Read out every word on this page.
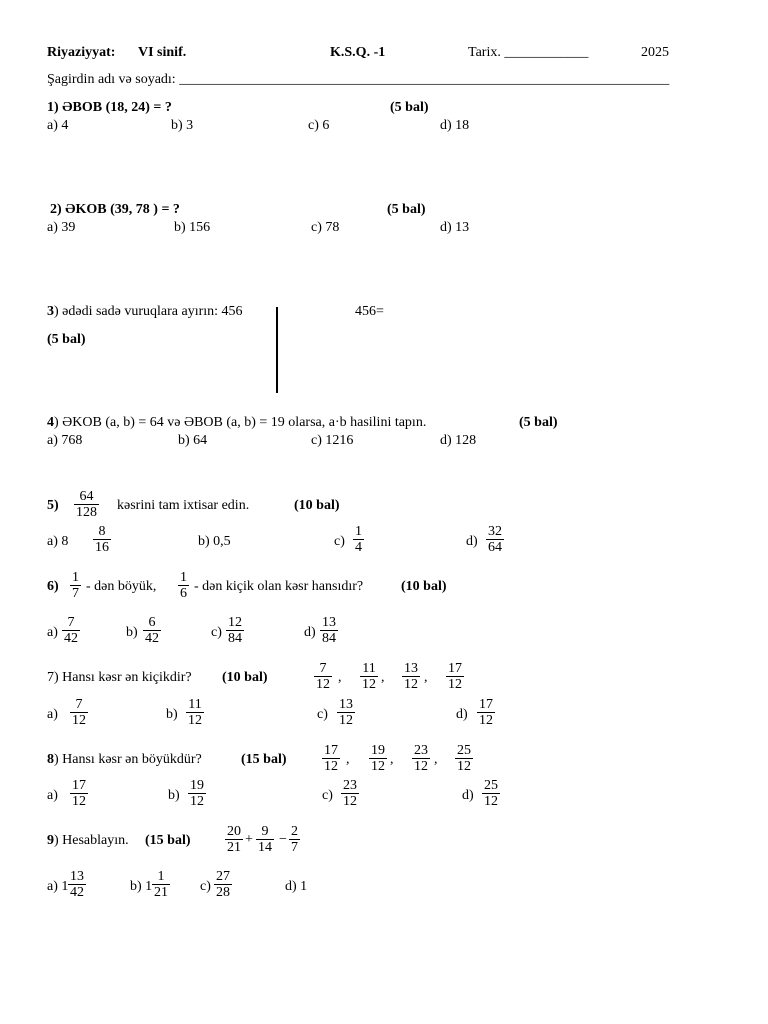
Riyaziyyat: VI sinif.	K.S.Q. -1	Tarix. ____________	2025
Şagirdin adı və soyadı: ______________________________________________________________________
1) ƏBOB (18, 24) = ?	(5 bal)
a) 4	b) 3	c) 6	d) 18
2) ƏKOB (39, 78 ) = ?	(5 bal)
a) 39	b) 156	c) 78	d) 13
3) ədədi sadə vuruqlara ayırın: 456	456=
(5 bal)
4) ƏKOB (a, b) = 64 və ƏBOB (a, b) = 19 olarsa, a·b hasilini tapın.	(5 bal)
a) 768	b) 64	c) 1216	d) 128
$5) \frac{64}{128}$ kəsrini tam ixtisar edin.	(10 bal)
a) $8 \frac{8}{16}$	b) 0,5	$c) \frac{1}{4}$	$d) \frac{32}{64}$
$6) \frac{1}{7}$ - dən böyük, $\frac{1}{6}$ - dən kiçik olan kəsr hansıdır?	(10 bal)
$a) \frac{7}{42}$	$b) \frac{6}{42}$	$c) \frac{12}{84}$	$d) \frac{13}{84}$
7) Hansı kəsr ən kiçikdir? (10 bal)	$\frac{7}{12}$ , $\frac{11}{12}$ , $\frac{13}{12}$ , $\frac{17}{12}$
$a) \frac{7}{12}$	$b) \frac{11}{12}$	$c) \frac{13}{12}$	$d) \frac{17}{12}$
8) Hansı kəsr ən böyükdür?	(15 bal)	$\frac{17}{12}$ , $\frac{19}{12}$ , $\frac{23}{12}$ , $\frac{25}{12}$
$a) \frac{17}{12}$	$b) \frac{19}{12}$	$c) \frac{23}{12}$	$d) \frac{25}{12}$
9) Hesablayın. (15 $bal) \frac{20}{21} + \frac{9}{14} - \frac{2}{7}$
a) $1 \frac{13}{42}$	b) $1 \frac{1}{21} c) \frac{27}{28}$	d) 1
